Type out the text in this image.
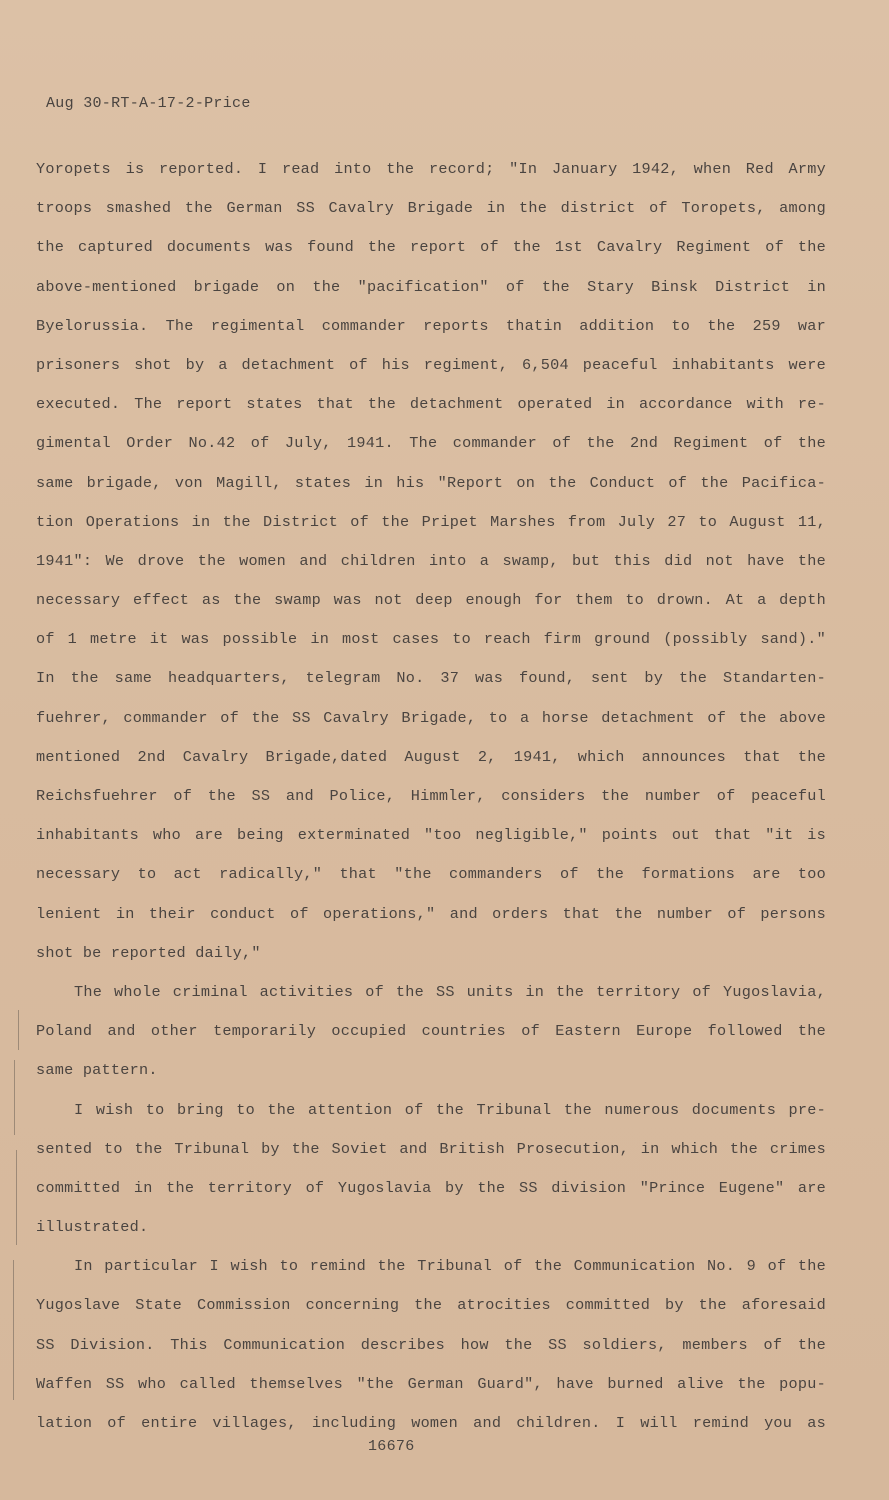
Aug 30-RT-A-17-2-Price
Yoropets is reported. I read into the record; "In January 1942, when Red Army
troops smashed the German SS Cavalry Brigade in the district of Toropets, among
the captured documents was found the report of the 1st Cavalry Regiment of the
above-mentioned brigade on the "pacification" of the Stary Binsk District in
Byelorussia. The regimental commander reports thatin addition to the 259 war
prisoners shot by a detachment of his regiment, 6,504 peaceful inhabitants were
executed. The report states that the detachment operated in accordance with re-
gimental Order No.42 of July, 1941. The commander of the 2nd Regiment of the
same brigade, von Magill, states in his "Report on the Conduct of the Pacifica-
tion Operations in the District of the Pripet Marshes from July 27 to August 11,
1941": We drove the women and children into a swamp, but this did not have the
necessary effect as the swamp was not deep enough for them to drown. At a depth
of 1 metre it was possible in most cases to reach firm ground (possibly sand)."
In the same headquarters, telegram No. 37 was found, sent by the Standarten-
fuehrer, commander of the SS Cavalry Brigade, to a horse detachment of the above
mentioned 2nd Cavalry Brigade,dated August 2, 1941, which announces that the
Reichsfuehrer of the SS and Police, Himmler, considers the number of peaceful
inhabitants who are being exterminated "too negligible," points out that "it is
necessary to act radically," that "the commanders of the formations are too
lenient in their conduct of operations," and orders that the number of persons
shot be reported daily,"
The whole criminal activities of the SS units in the territory of Yugoslavia,
Poland and other temporarily occupied countries of Eastern Europe followed the
same pattern.
I wish to bring to the attention of the Tribunal the numerous documents pre-
sented to the Tribunal by the Soviet and British Prosecution, in which the crimes
committed in the territory of Yugoslavia by the SS division "Prince Eugene" are
illustrated.
In particular I wish to remind the Tribunal of the Communication No. 9 of the
Yugoslave State Commission concerning the atrocities committed by the aforesaid
SS Division. This Communication describes how the SS soldiers, members of the
Waffen SS who called themselves "the German Guard", have burned alive the popu-
lation of entire villages, including women and children. I will remind you as
16676
